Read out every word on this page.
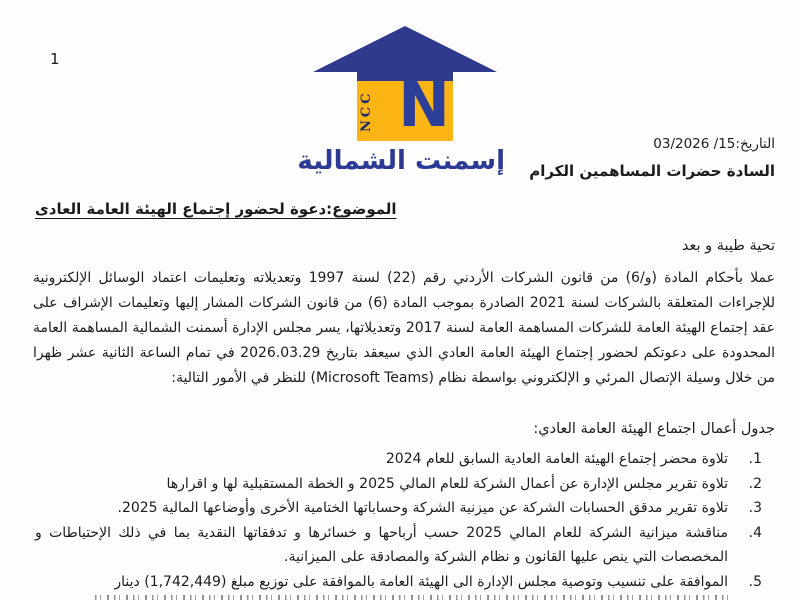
1
NCC N
إسمنت الشمالية
التاريخ:15/ 03/2026
السادة حضرات المساهمين الكرام
الموضوع:دعوة لحضور إجتماع الهيئة العامة العادى
تحية طيبة و بعد
عملا بأحكام المادة ⁦(6/و)⁩ من قانون الشركات الأردني رقم (22) لسنة 1997 وتعديلاته وتعليمات اعتماد الوسائل الإلكترونية للإجراءات المتعلقة بالشركات لسنة 2021 الصادرة بموجب المادة (6) من قانون الشركات المشار إليها وتعليمات الإشراف على عقد إجتماع الهيئة العامة للشركات المساهمة العامة لسنة 2017 وتعديلاتها، يسر مجلس الإدارة أسمنت الشمالية المساهمة العامة المحدودة على دعوتكم لحضور إجتماع الهيئة العامة العادي الذي سيعقد بتاريخ 2026.03.29 في تمام الساعة الثانية عشر ظهرا من خلال وسيلة الإتصال المرئي و الإلكتروني بواسطة نظام (Microsoft Teams) للنظر في الأمور التالية:
جدول أعمال اجتماع الهيئة العامة العادي:
1.
تلاوة محضر إجتماع الهيئة العامة العادية السابق للعام 2024
2.
تلاوة تقرير مجلس الإدارة عن أعمال الشركة للعام المالي 2025 و الخطة المستقبلية لها و اقرارها
3.
تلاوة تقرير مدقق الحسابات الشركة عن ميزنية الشركة وحساباتها الختامية الأخرى وأوضاعها المالية 2025.
4.
مناقشة ميزانية الشركة للعام المالي 2025 حسب أرباحها و خسائرها و تدفقاتها النقدية بما في ذلك الإحتياطات و المخصصات التي ينص عليها القانون و نظام الشركة والمصادقة على الميزانية.
5.
الموافقة على تنسيب وتوصية مجلس الإدارة الى الهيئة العامة بالموافقة على توزيع مبلغ (1,742,449) دينار
